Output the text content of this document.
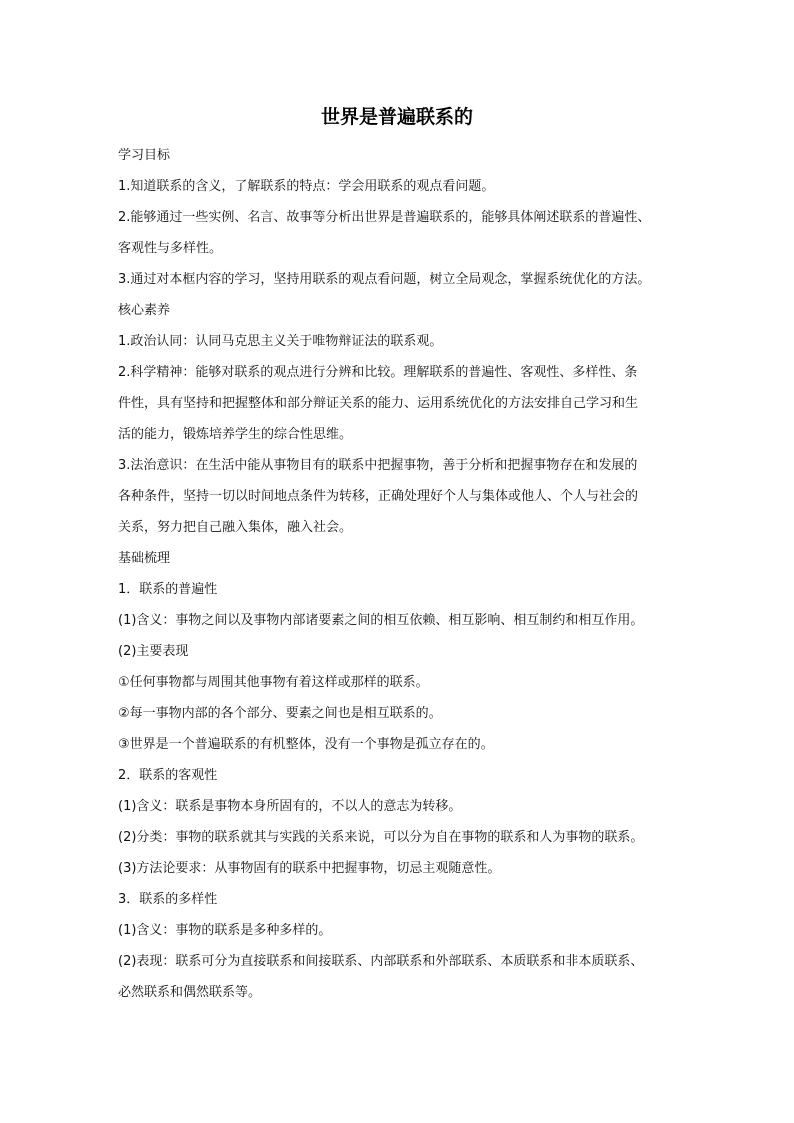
世界是普遍联系的
学习目标
1.知道联系的含义，了解联系的特点：学会用联系的观点看问题。
2.能够通过一些实例、名言、故事等分析出世界是普遍联系的，能够具体阐述联系的普遍性、
客观性与多样性。
3.通过对本框内容的学习，坚持用联系的观点看问题，树立全局观念，掌握系统优化的方法。
核心素养
1.政治认同：认同马克思主义关于唯物辩证法的联系观。
2.科学精神：能够对联系的观点进行分辨和比较。理解联系的普遍性、客观性、多样性、条
件性，具有坚持和把握整体和部分辩证关系的能力、运用系统优化的方法安排自己学习和生
活的能力，锻炼培养学生的综合性思维。
3.法治意识：在生活中能从事物目有的联系中把握事物，善于分析和把握事物存在和发展的
各种条件，坚持一切以时间地点条件为转移，正确处理好个人与集体或他人、个人与社会的
关系，努力把自己融入集体，融入社会。
基础梳理
1．联系的普遍性
(1)含义：事物之间以及事物内部诸要素之间的相互依赖、相互影响、相互制约和相互作用。
(2)主要表现
①任何事物都与周围其他事物有着这样或那样的联系。
②每一事物内部的各个部分、要素之间也是相互联系的。
③世界是一个普遍联系的有机整体，没有一个事物是孤立存在的。
2．联系的客观性
(1)含义：联系是事物本身所固有的，不以人的意志为转移。
(2)分类：事物的联系就其与实践的关系来说，可以分为自在事物的联系和人为事物的联系。
(3)方法论要求：从事物固有的联系中把握事物，切忌主观随意性。
3．联系的多样性
(1)含义：事物的联系是多种多样的。
(2)表现：联系可分为直接联系和间接联系、内部联系和外部联系、本质联系和非本质联系、
必然联系和偶然联系等。
